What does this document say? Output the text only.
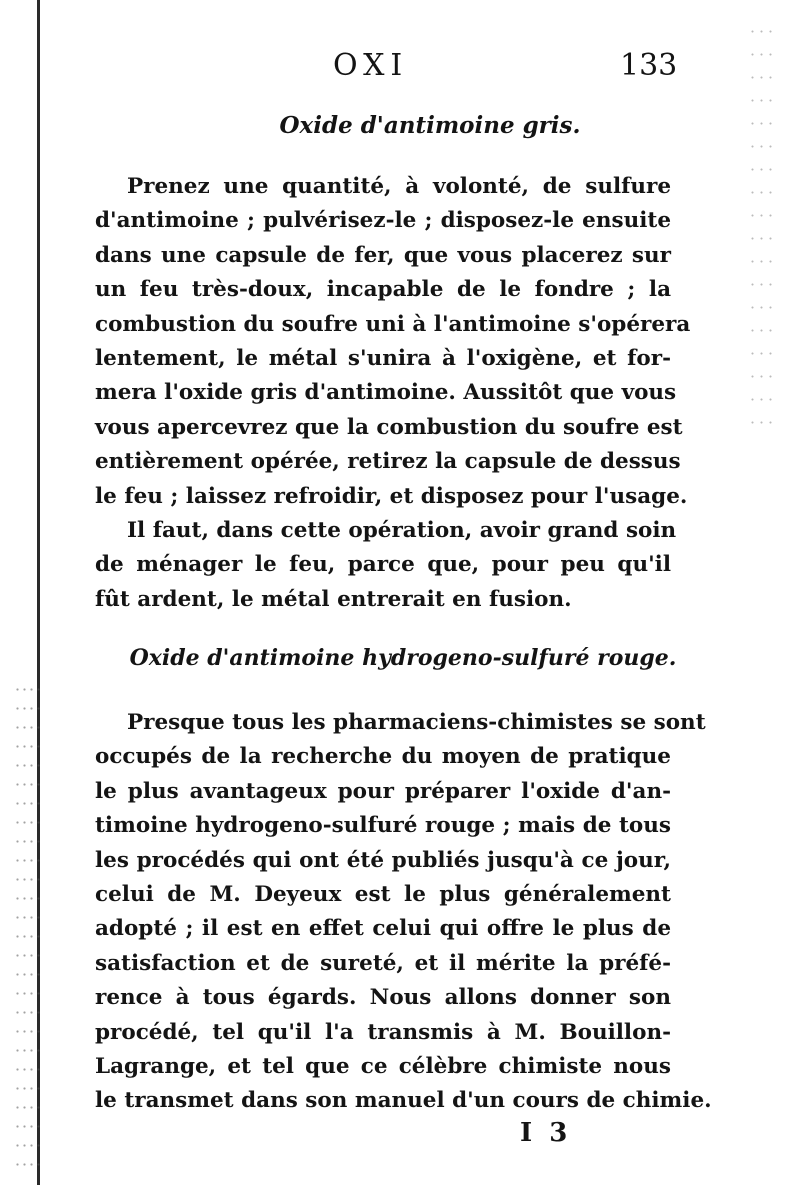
OXI	133
Oxide d'antimoine gris.
Prenez une quantité, à volonté, de sulfure
d'antimoine ; pulvérisez-le ; disposez-le ensuite
dans une capsule de fer, que vous placerez sur
un feu très-doux, incapable de le fondre ; la
combustion du soufre uni à l'antimoine s'opérera
lentement, le métal s'unira à l'oxigène, et for-
mera l'oxide gris d'antimoine. Aussitôt que vous
vous apercevrez que la combustion du soufre est
entièrement opérée, retirez la capsule de dessus
le feu ; laissez refroidir, et disposez pour l'usage.
Il faut, dans cette opération, avoir grand soin
de ménager le feu, parce que, pour peu qu'il
fût ardent, le métal entrerait en fusion.
Oxide d'antimoine hydrogeno-sulfuré rouge.
Presque tous les pharmaciens-chimistes se sont
occupés de la recherche du moyen de pratique
le plus avantageux pour préparer l'oxide d'an-
timoine hydrogeno-sulfuré rouge ; mais de tous
les procédés qui ont été publiés jusqu'à ce jour,
celui de M. Deyeux est le plus généralement
adopté ; il est en effet celui qui offre le plus de
satisfaction et de sureté, et il mérite la préfé-
rence à tous égards. Nous allons donner son
procédé, tel qu'il l'a transmis à M. Bouillon-
Lagrange, et tel que ce célèbre chimiste nous
le transmet dans son manuel d'un cours de chimie.
I 3
